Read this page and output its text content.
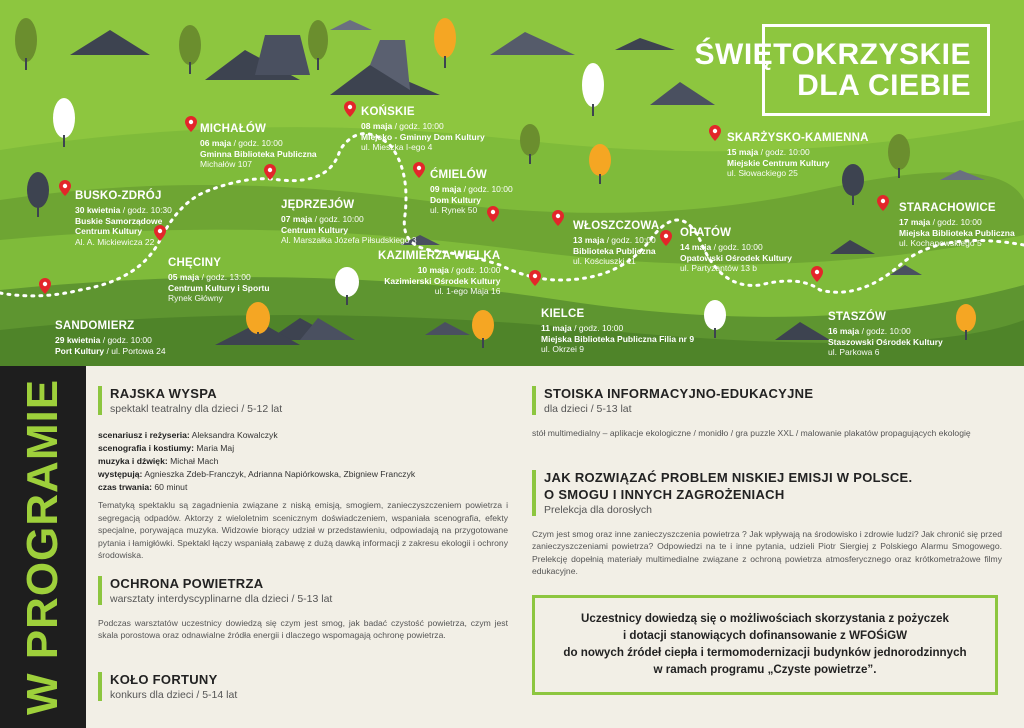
ŚWIĘTOKRZYSKIE
DLA CIEBIE
SANDOMIERZ
29 kwietnia / godz. 10:00
Port Kultury / ul. Portowa 24
BUSKO-ZDRÓJ
30 kwietnia / godz. 10:30
Buskie Samorządowe
Centrum Kultury
Al. A. Mickiewicza 22
CHĘCINY
05 maja / godz. 13:00
Centrum Kultury i Sportu
Rynek Główny
MICHAŁÓW
06 maja / godz. 10:00
Gminna Biblioteka Publiczna
Michałów 107
JĘDRZEJÓW
07 maja / godz. 10:00
Centrum Kultury
Al. Marszałka Józefa Piłsudskiego 3
KOŃSKIE
08 maja / godz. 10:00
Miejsko - Gminny Dom Kultury
ul. Mieszka I-ego 4
ĆMIELÓW
09 maja / godz. 10:00
Dom Kultury
ul. Rynek 50
KAZIMIERZA WIELKA
10 maja / godz. 10:00
Kazimierski Ośrodek Kultury
ul. 1-ego Maja 16
KIELCE
11 maja / godz. 10:00
Miejska Biblioteka Publiczna Filia nr 9
ul. Okrzei 9
WŁOSZCZOWA
13 maja / godz. 10:00
Biblioteka Publiczna
ul. Kościuszki 11
OPATÓW
14 maja / godz. 10:00
Opatowski Ośrodek Kultury
ul. Partyzantów 13 b
SKARŻYSKO-KAMIENNA
15 maja / godz. 10:00
Miejskie Centrum Kultury
ul. Słowackiego 25
STASZÓW
16 maja / godz. 10:00
Staszowski Ośrodek Kultury
ul. Parkowa 6
STARACHOWICE
17 maja / godz. 10:00
Miejska Biblioteka Publiczna
ul. Kochanowskiego 5
W PROGRAMIE	RAJSKA WYSPA
spektakl teatralny dla dzieci / 5-12 lat
scenariusz i reżyseria: Aleksandra Kowalczyk
scenografia i kostiumy: Maria Maj
muzyka i dźwięk: Michał Mach
występują: Agnieszka Zdeb-Franczyk, Adrianna Napiórkowska, Zbigniew Franczyk
czas trwania: 60 minut
Tematyką spektaklu są zagadnienia związane z niską emisją, smogiem, zanieczyszczeniem powietrza i segregacją odpadów. Aktorzy z wieloletnim scenicznym doświadczeniem, wspaniała scenografia, efekty specjalne, porywająca muzyka. Widzowie biorący udział w przedstawieniu, odpowiadają na przygotowane pytania i łamigłówki. Spektakl łączy wspaniałą zabawę z dużą dawką informacji z zakresu ekologii i ochrony środowiska.
OCHRONA POWIETRZA
warsztaty interdyscyplinarne dla dzieci / 5-13 lat
Podczas warsztatów uczestnicy dowiedzą się czym jest smog, jak badać czystość powietrza, czym jest skala porostowa oraz odnawialne źródła energii i dlaczego wspomagają ochronę powietrza.
KOŁO FORTUNY
konkurs dla dzieci / 5-14 lat
STOISKA INFORMACYJNO-EDUKACYJNE
dla dzieci / 5-13 lat
stół multimedialny – aplikacje ekologiczne / monidło / gra puzzle XXL / malowanie plakatów propagujących ekologię
JAK ROZWIĄZAĆ PROBLEM NISKIEJ EMISJI W POLSCE.
O SMOGU I INNYCH ZAGROŻENIACH
Prelekcja dla dorosłych
Czym jest smog oraz inne zanieczyszczenia powietrza ? Jak wpływają na środowisko i zdrowie ludzi? Jak chronić się przed zanieczyszczeniami powietrza? Odpowiedzi na te i inne pytania, udzieli Piotr Siergiej z Polskiego Alarmu Smogowego. Prelekcję dopełnią materiały multimedialne związane z ochroną powietrza atmosferycznego oraz krótkometrażowe filmy edukacyjne.
Uczestnicy dowiedzą się o możliwościach skorzystania z pożyczek
i dotacji stanowiących dofinansowanie z WFOŚiGW
do nowych źródeł ciepła i termomodernizacji budynków jednorodzinnych
w ramach programu „Czyste powietrze”.
